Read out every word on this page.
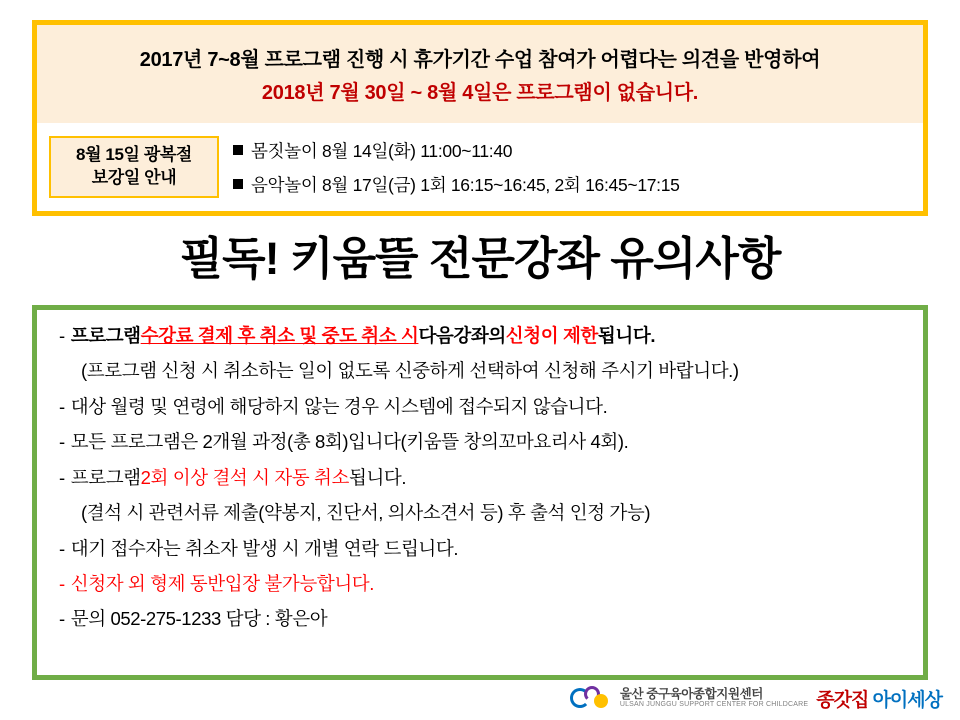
2017년 7~8월 프로그램 진행 시 휴가기간 수업 참여가 어렵다는 의견을 반영하여
2018년 7월 30일 ~ 8월 4일은 프로그램이 없습니다.
8월 15일 광복절
보강일 안내
몸짓놀이 8월 14일(화) 11:00~11:40
음악놀이 8월 17일(금) 1회 16:15~16:45, 2회 16:45~17:15
필독! 키움뜰 전문강좌 유의사항
- 프로그램 수강료 결제 후 취소 및 중도 취소 시 다음강좌의 신청이 제한 됩니다.
(프로그램 신청 시 취소하는 일이 없도록 신중하게 선택하여 신청해 주시기 바랍니다.)
- 대상 월령 및 연령에 해당하지 않는 경우 시스템에 접수되지 않습니다.
- 모든 프로그램은 2개월 과정(총 8회)입니다(키움뜰 창의꼬마요리사 4회).
- 프로그램 2회 이상 결석 시 자동 취소 됩니다.
(결석 시 관련서류 제출(약봉지, 진단서, 의사소견서 등) 후 출석 인정 가능)
- 대기 접수자는 취소자 발생 시 개별 연락 드립니다.
- 신청자 외 형제 동반입장 불가능합니다.
- 문의 052-275-1233 담당 : 황은아
울산 중구육아종합지원센터
ULSAN JUNGGU SUPPORT CENTER FOR CHILDCARE 종갓집 아이세상
